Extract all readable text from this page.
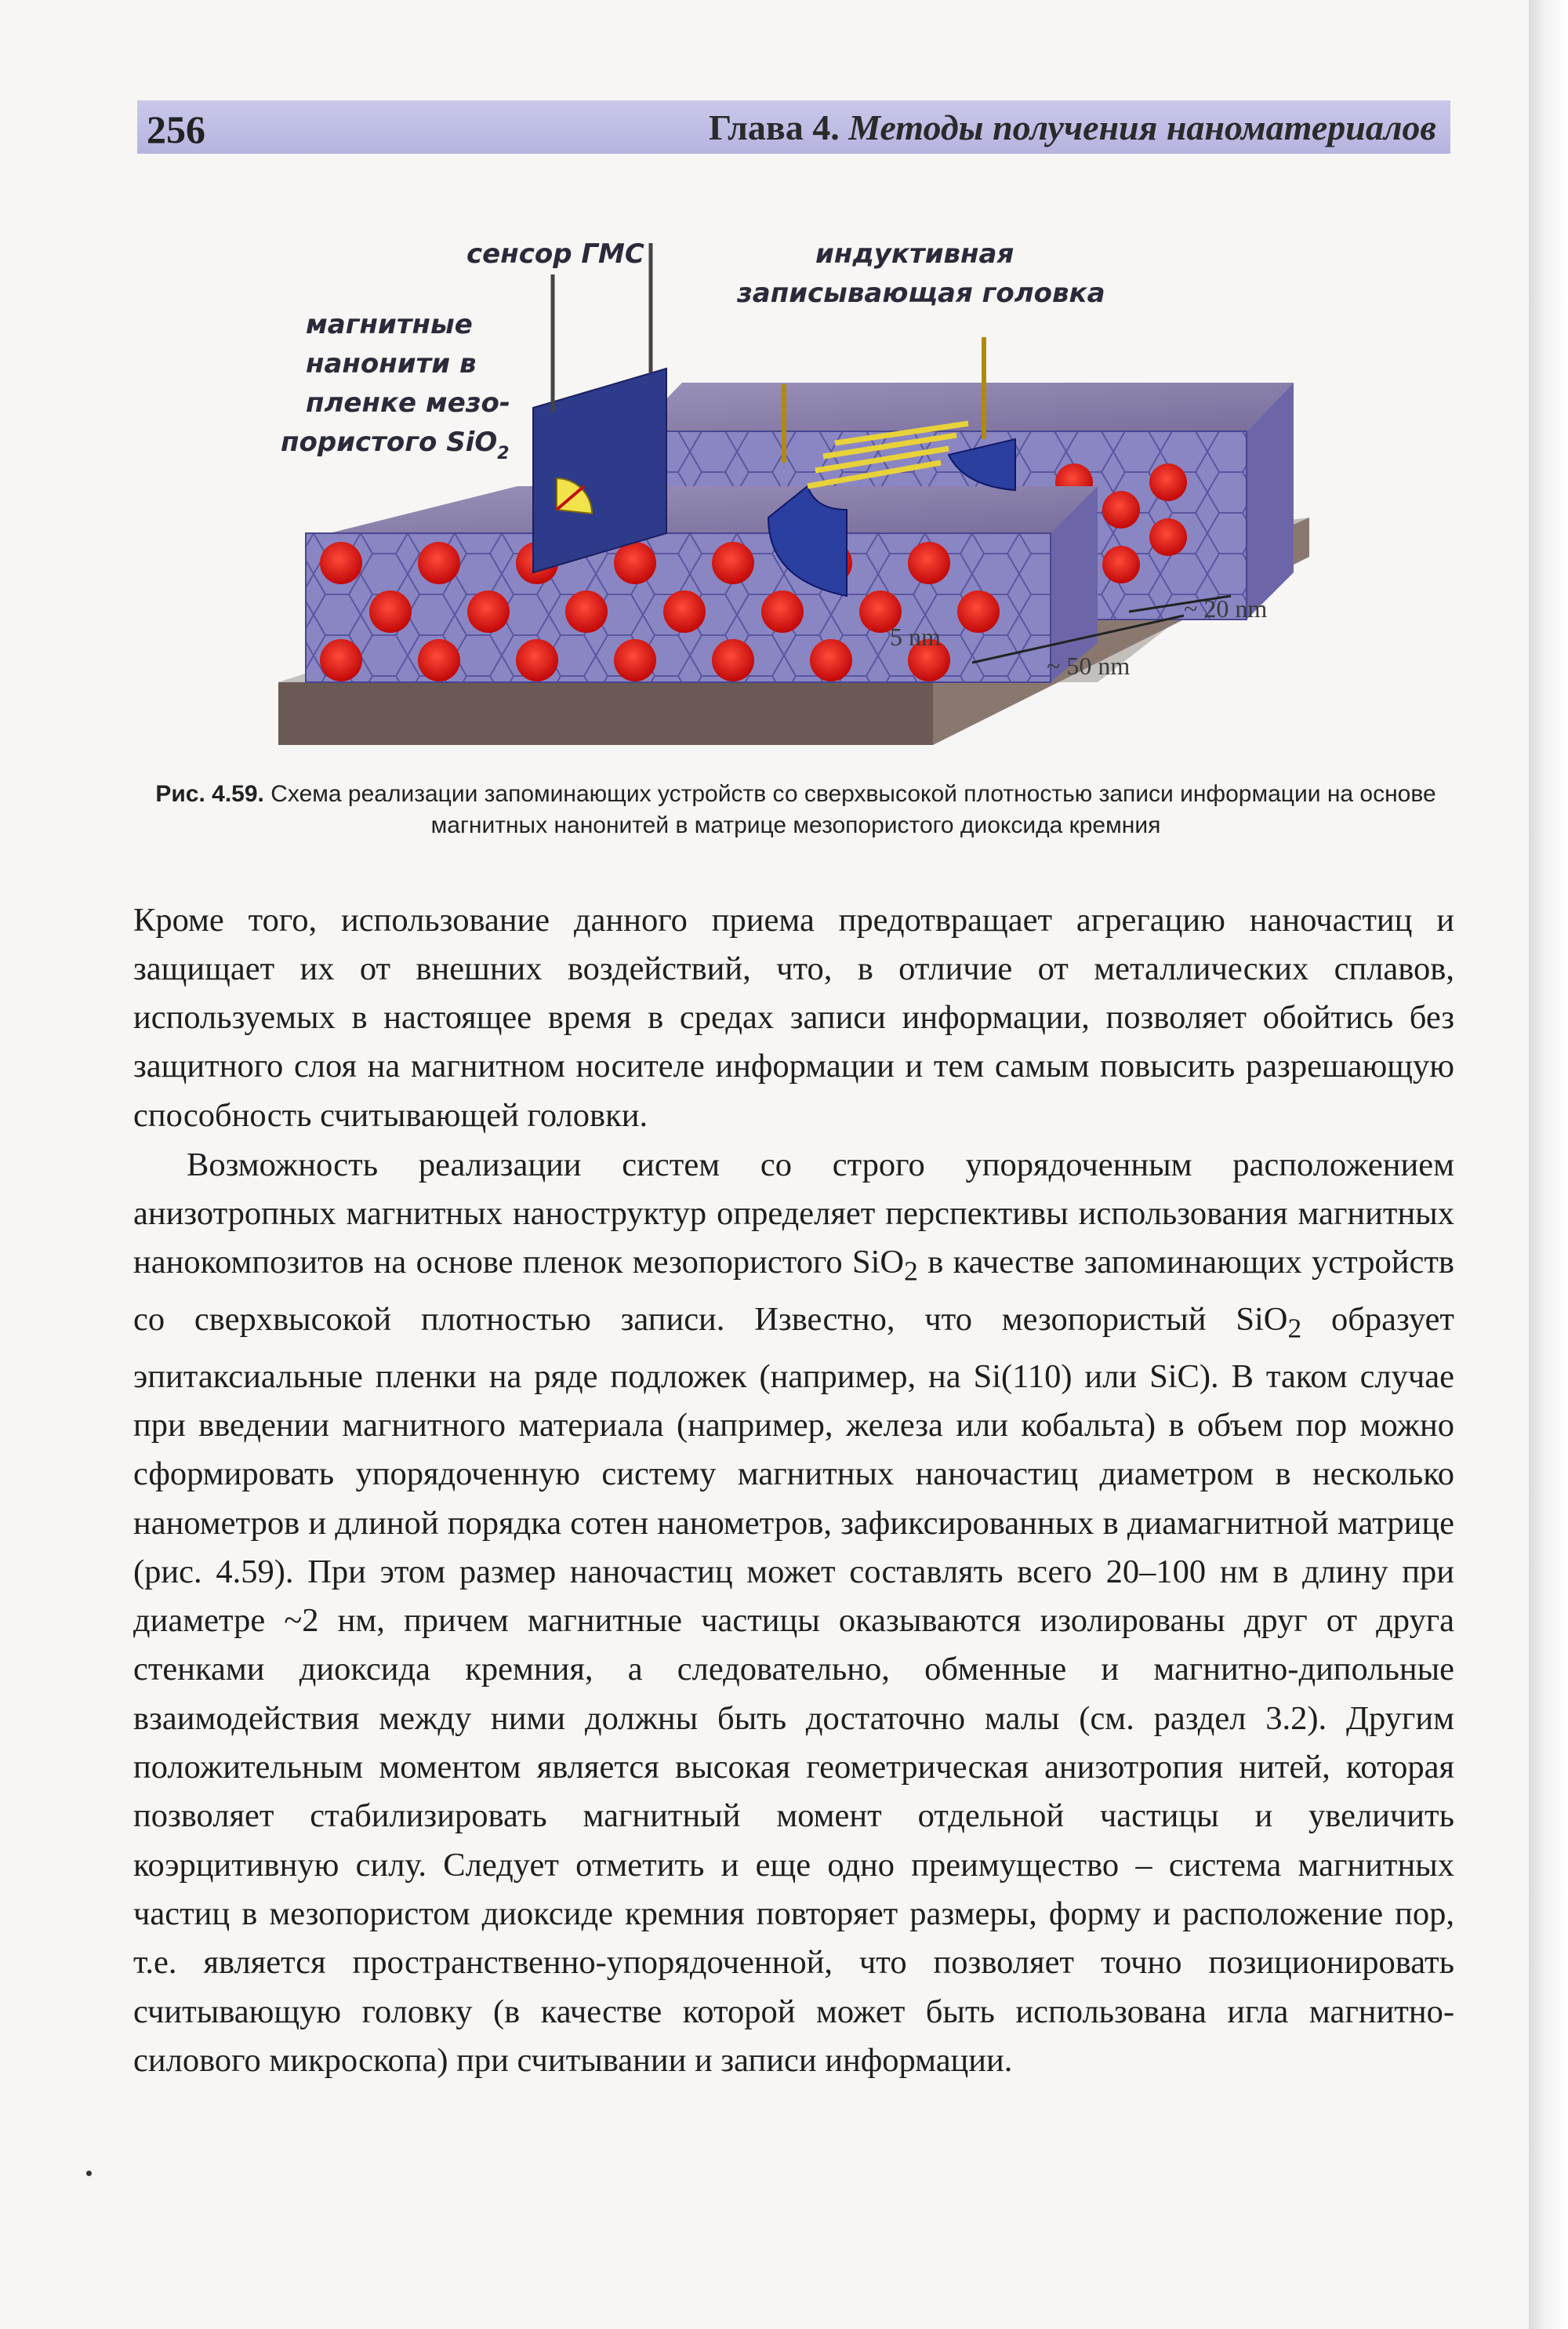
256	Глава 4. Методы получения наноматериалов
сенсор ГМС	индуктивная
записывающая головка
магнитные
нанонити в
пленке мезо-
пористого SiO$_2$
5 nm
~ 20 nm
~ 50 nm
Рис. 4.59. Схема реализации запоминающих устройств со сверхвысокой плотностью записи информации на основе магнитных нанонитей в матрице мезопористого диоксида кремния

Кроме того, использование данного приема предотвращает агрегацию наночастиц и защищает их от внешних воздействий, что, в отличие от металлических сплавов, используемых в настоящее время в средах записи информации, позволяет обойтись без защитного слоя на магнитном носителе информации и тем самым повысить разрешающую способность считывающей головки.

Возможность реализации систем со строго упорядоченным расположением анизотропных магнитных наноструктур определяет перспективы использования магнитных нанокомпозитов на основе пленок мезопористого SiO$_2$ в качестве запоминающих устройств со сверхвысокой плотностью записи. Известно, что мезопористый SiO$_2$ образует эпитаксиальные пленки на ряде подложек (например, на Si(110) или SiC). В таком случае при введении магнитного материала (например, железа или кобальта) в объем пор можно сформировать упорядоченную систему магнитных наночастиц диаметром в несколько нанометров и длиной порядка сотен нанометров, зафиксированных в диамагнитной матрице (рис. 4.59). При этом размер наночастиц может составлять всего 20–100 нм в длину при диаметре ~2 нм, причем магнитные частицы оказываются изолированы друг от друга стенками диоксида кремния, а следовательно, обменные и магнитно-дипольные взаимодействия между ними должны быть достаточно малы (см. раздел 3.2). Другим положительным моментом является высокая геометрическая анизотропия нитей, которая позволяет стабилизировать магнитный момент отдельной частицы и увеличить коэрцитивную силу. Следует отметить и еще одно преимущество – система магнитных частиц в мезопористом диоксиде кремния повторяет размеры, форму и расположение пор, т.е. является пространственно-упорядоченной, что позволяет точно позиционировать считывающую головку (в качестве которой может быть использована игла магнитно-силового микроскопа) при считывании и записи информации.
